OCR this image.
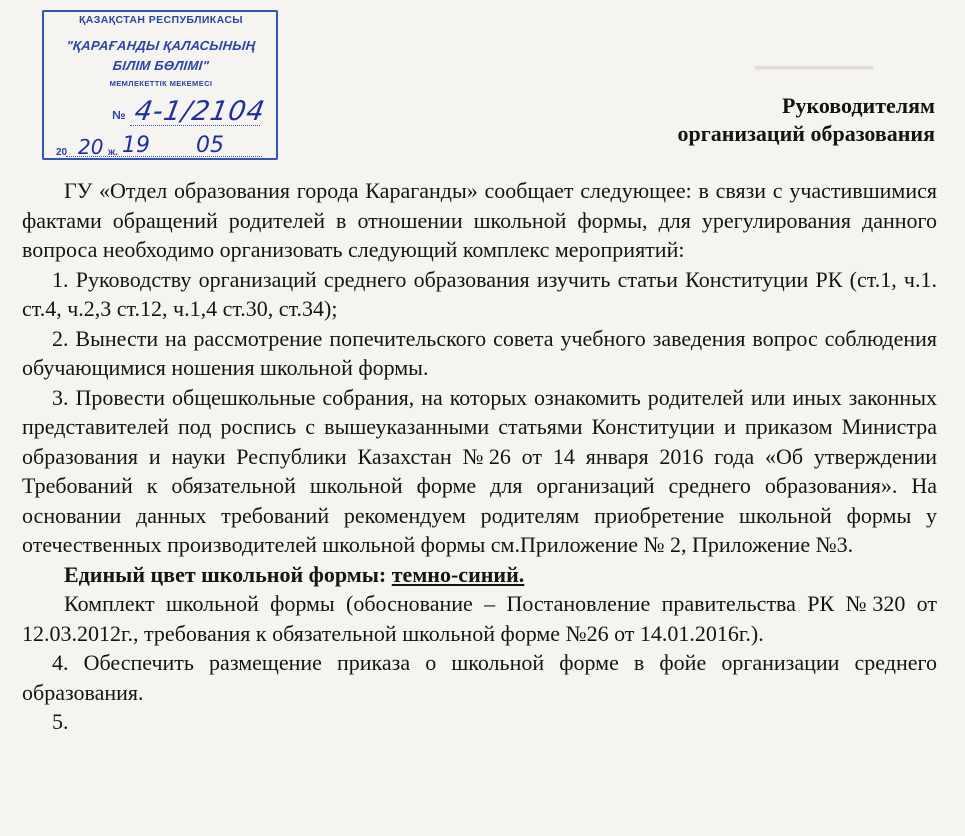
▁▁▁▁▁▁▁
ҚАЗАҚСТАН РЕСПУБЛИКАСЫ
"ҚАРАҒАНДЫ ҚАЛАСЫНЫҢ
БІЛІМ БӨЛІМІ"
МЕМЛЕКЕТТІК МЕКЕМЕСІ
№ 4-1/2104
20 20 ж. 19 05
Руководителям
организаций образования

ГУ «Отдел образования города Караганды» сообщает следующее: в связи с участившимися фактами обращений родителей в отношении школьной формы, для урегулирования данного вопроса необходимо организовать следующий комплекс мероприятий:

1. Руководству организаций среднего образования изучить статьи Конституции РК (ст.1, ч.1. ст.4, ч.2,3 ст.12, ч.1,4 ст.30, ст.34);

2. Вынести на рассмотрение попечительского совета учебного заведения вопрос соблюдения обучающимися ношения школьной формы.

3. Провести общешкольные собрания, на которых ознакомить родителей или иных законных представителей под роспись с вышеуказанными статьями Конституции и приказом Министра образования и науки Республики Казахстан №26 от 14 января 2016 года «Об утверждении Требований к обязательной школьной форме для организаций среднего образования». На основании данных требований рекомендуем родителям приобретение школьной формы у отечественных производителей школьной формы см.Приложение № 2, Приложение №3.

Единый цвет школьной формы: темно-синий.

Комплект школьной формы (обоснование – Постановление правительства РК №320 от 12.03.2012г., требования к обязательной школьной форме №26 от 14.01.2016г.).

4. Обеспечить размещение приказа о школьной форме в фойе организации среднего образования.

5.
